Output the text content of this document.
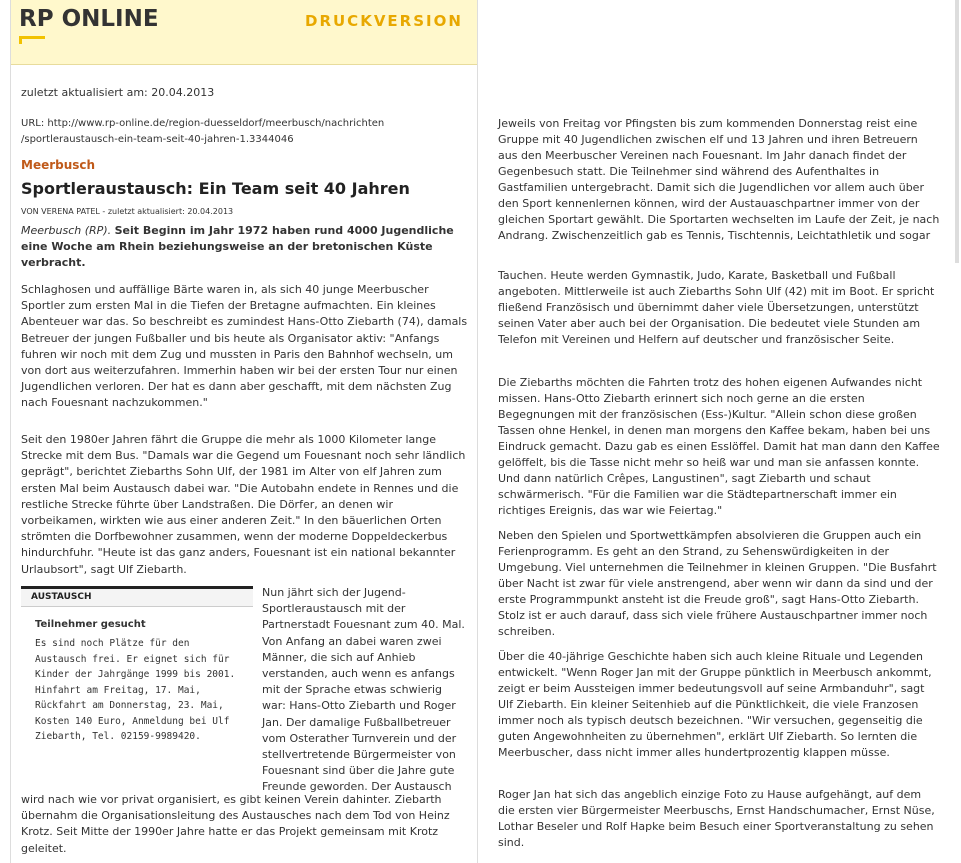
RP ONLINE	DRUCKVERSION
zuletzt aktualisiert am: 20.04.2013
URL: http://www.rp-online.de/region-duesseldorf/meerbusch/nachrichten
/sportleraustausch-ein-team-seit-40-jahren-1.3344046
Meerbusch
Sportleraustausch: Ein Team seit 40 Jahren
VON VERENA PATEL - zuletzt aktualisiert: 20.04.2013

Meerbusch (RP). Seit Beginn im Jahr 1972 haben rund 4000 Jugendliche eine Woche am Rhein beziehungsweise an der bretonischen Küste verbracht.

Schlaghosen und auffällige Bärte waren in, als sich 40 junge Meerbuscher Sportler zum ersten Mal in die Tiefen der Bretagne aufmachten. Ein kleines Abenteuer war das. So beschreibt es zumindest Hans-Otto Ziebarth (74), damals Betreuer der jungen Fußballer und bis heute als Organisator aktiv: "Anfangs fuhren wir noch mit dem Zug und mussten in Paris den Bahnhof wechseln, um von dort aus weiterzufahren. Immerhin haben wir bei der ersten Tour nur einen Jugendlichen verloren. Der hat es dann aber geschafft, mit dem nächsten Zug nach Fouesnant nachzukommen."

Seit den 1980er Jahren fährt die Gruppe die mehr als 1000 Kilometer lange Strecke mit dem Bus. "Damals war die Gegend um Fouesnant noch sehr ländlich geprägt", berichtet Ziebarths Sohn Ulf, der 1981 im Alter von elf Jahren zum ersten Mal beim Austausch dabei war. "Die Autobahn endete in Rennes und die restliche Strecke führte über Landstraßen. Die Dörfer, an denen wir vorbeikamen, wirkten wie aus einer anderen Zeit." In den bäuerlichen Orten strömten die Dorfbewohner zusammen, wenn der moderne Doppeldeckerbus hindurchfuhr. "Heute ist das ganz anders, Fouesnant ist ein national bekannter Urlaubsort", sagt Ulf Ziebarth.

AUSTAUSCH
Teilnehmer gesucht
Es sind noch Plätze für den Austausch frei. Er eignet sich für Kinder der Jahrgänge 1999 bis 2001. Hinfahrt am Freitag, 17. Mai, Rückfahrt am Donnerstag, 23. Mai, Kosten 140 Euro, Anmeldung bei Ulf Ziebarth, Tel. 02159-9989420.

Nun jährt sich der Jugend-Sportleraustausch mit der Partnerstadt Fouesnant zum 40. Mal. Von Anfang an dabei waren zwei Männer, die sich auf Anhieb verstanden, auch wenn es anfangs mit der Sprache etwas schwierig war: Hans-Otto Ziebarth und Roger Jan. Der damalige Fußballbetreuer vom Osterather Turnverein und der stellvertretende Bürgermeister von Fouesnant sind über die Jahre gute Freunde geworden. Der Austausch

wird nach wie vor privat organisiert, es gibt keinen Verein dahinter. Ziebarth übernahm die Organisationsleitung des Austausches nach dem Tod von Heinz Krotz. Seit Mitte der 1990er Jahre hatte er das Projekt gemeinsam mit Krotz geleitet.

Jeweils von Freitag vor Pfingsten bis zum kommenden Donnerstag reist eine Gruppe mit 40 Jugendlichen zwischen elf und 13 Jahren und ihren Betreuern aus den Meerbuscher Vereinen nach Fouesnant. Im Jahr danach findet der Gegenbesuch statt. Die Teilnehmer sind während des Aufenthaltes in Gastfamilien untergebracht. Damit sich die Jugendlichen vor allem auch über den Sport kennenlernen können, wird der Austauaschpartner immer von der gleichen Sportart gewählt. Die Sportarten wechselten im Laufe der Zeit, je nach Andrang. Zwischenzeitlich gab es Tennis, Tischtennis, Leichtathletik und sogar

Tauchen. Heute werden Gymnastik, Judo, Karate, Basketball und Fußball angeboten. Mittlerweile ist auch Ziebarths Sohn Ulf (42) mit im Boot. Er spricht fließend Französisch und übernimmt daher viele Übersetzungen, unterstützt seinen Vater aber auch bei der Organisation. Die bedeutet viele Stunden am Telefon mit Vereinen und Helfern auf deutscher und französischer Seite.

Die Ziebarths möchten die Fahrten trotz des hohen eigenen Aufwandes nicht missen. Hans-Otto Ziebarth erinnert sich noch gerne an die ersten Begegnungen mit der französischen (Ess-)Kultur. "Allein schon diese großen Tassen ohne Henkel, in denen man morgens den Kaffee bekam, haben bei uns Eindruck gemacht. Dazu gab es einen Esslöffel. Damit hat man dann den Kaffee gelöffelt, bis die Tasse nicht mehr so heiß war und man sie anfassen konnte. Und dann natürlich Crêpes, Langustinen", sagt Ziebarth und schaut schwärmerisch. "Für die Familien war die Städtepartnerschaft immer ein richtiges Ereignis, das war wie Feiertag."

Neben den Spielen und Sportwettkämpfen absolvieren die Gruppen auch ein Ferienprogramm. Es geht an den Strand, zu Sehenswürdigkeiten in der Umgebung. Viel unternehmen die Teilnehmer in kleinen Gruppen. "Die Busfahrt über Nacht ist zwar für viele anstrengend, aber wenn wir dann da sind und der erste Programmpunkt ansteht ist die Freude groß", sagt Hans-Otto Ziebarth. Stolz ist er auch darauf, dass sich viele frühere Austauschpartner immer noch schreiben.

Über die 40-jährige Geschichte haben sich auch kleine Rituale und Legenden entwickelt. "Wenn Roger Jan mit der Gruppe pünktlich in Meerbusch ankommt, zeigt er beim Aussteigen immer bedeutungsvoll auf seine Armbanduhr", sagt Ulf Ziebarth. Ein kleiner Seitenhieb auf die Pünktlichkeit, die viele Franzosen immer noch als typisch deutsch bezeichnen. "Wir versuchen, gegenseitig die guten Angewohnheiten zu übernehmen", erklärt Ulf Ziebarth. So lernten die Meerbuscher, dass nicht immer alles hundertprozentig klappen müsse.

Roger Jan hat sich das angeblich einzige Foto zu Hause aufgehängt, auf dem die ersten vier Bürgermeister Meerbuschs, Ernst Handschumacher, Ernst Nüse, Lothar Beseler und Rolf Hapke beim Besuch einer Sportveranstaltung zu sehen sind.
